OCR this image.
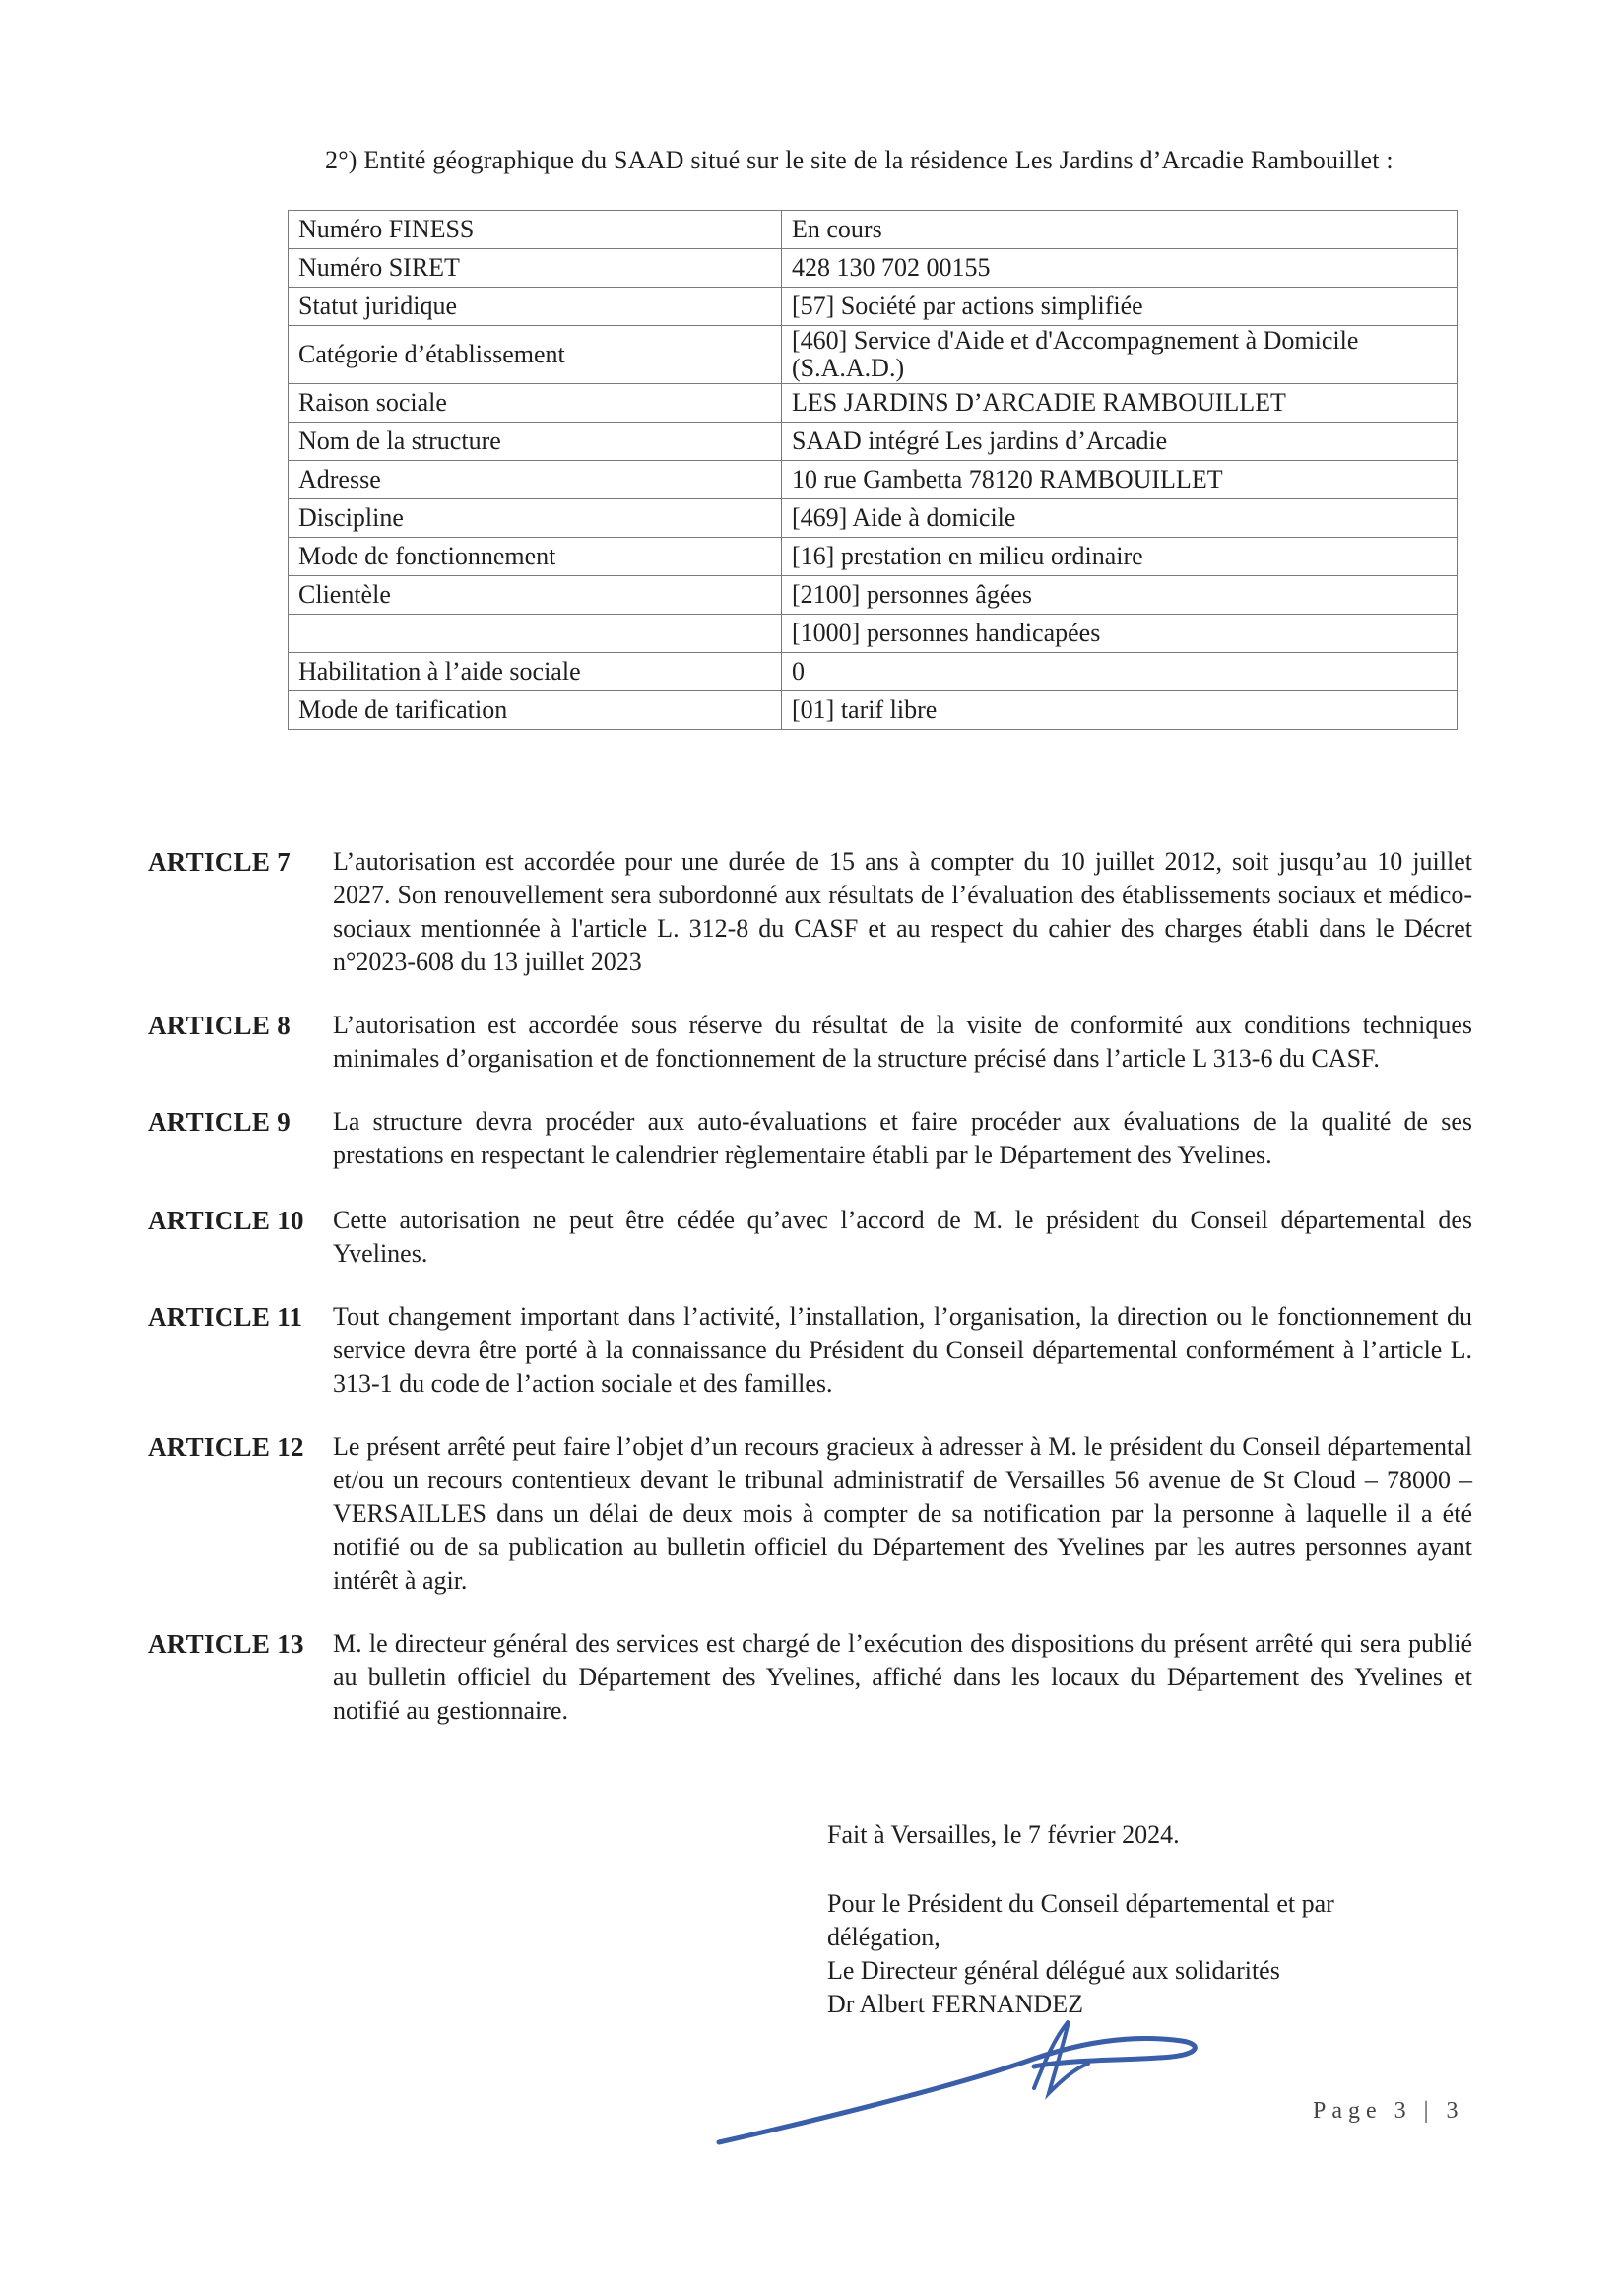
2°) Entité géographique du SAAD situé sur le site de la résidence Les Jardins d’Arcadie Rambouillet :
Numéro FINESS	En cours
Numéro SIRET	428 130 702 00155
Statut juridique	[57] Société par actions simplifiée
Catégorie d’établissement	[460] Service d'Aide et d'Accompagnement à Domicile (S.A.A.D.)
Raison sociale	LES JARDINS D’ARCADIE RAMBOUILLET
Nom de la structure	SAAD intégré Les jardins d’Arcadie
Adresse	10 rue Gambetta 78120 RAMBOUILLET
Discipline	[469] Aide à domicile
Mode de fonctionnement	[16] prestation en milieu ordinaire
Clientèle	[2100] personnes âgées
	[1000] personnes handicapées
Habilitation à l’aide sociale	0
Mode de tarification	[01] tarif libre
ARTICLE 7 L’autorisation est accordée pour une durée de 15 ans à compter du 10 juillet 2012, soit jusqu’au 10 juillet 2027. Son renouvellement sera subordonné aux résultats de l’évaluation des établissements sociaux et médico-sociaux mentionnée à l'article L. 312-8 du CASF et au respect du cahier des charges établi dans le Décret n°2023-608 du 13 juillet 2023
ARTICLE 8 L’autorisation est accordée sous réserve du résultat de la visite de conformité aux conditions techniques minimales d’organisation et de fonctionnement de la structure précisé dans l’article L 313-6 du CASF.
ARTICLE 9 La structure devra procéder aux auto-évaluations et faire procéder aux évaluations de la qualité de ses prestations en respectant le calendrier règlementaire établi par le Département des Yvelines.
ARTICLE 10 Cette autorisation ne peut être cédée qu’avec l’accord de M. le président du Conseil départemental des Yvelines.
ARTICLE 11 Tout changement important dans l’activité, l’installation, l’organisation, la direction ou le fonctionnement du service devra être porté à la connaissance du Président du Conseil départemental conformément à l’article L. 313-1 du code de l’action sociale et des familles.
ARTICLE 12 Le présent arrêté peut faire l’objet d’un recours gracieux à adresser à M. le président du Conseil départemental et/ou un recours contentieux devant le tribunal administratif de Versailles 56 avenue de St Cloud – 78000 – VERSAILLES dans un délai de deux mois à compter de sa notification par la personne à laquelle il a été notifié ou de sa publication au bulletin officiel du Département des Yvelines par les autres personnes ayant intérêt à agir.
ARTICLE 13 M. le directeur général des services est chargé de l’exécution des dispositions du présent arrêté qui sera publié au bulletin officiel du Département des Yvelines, affiché dans les locaux du Département des Yvelines et notifié au gestionnaire.
Fait à Versailles, le 7 février 2024.
Pour le Président du Conseil départemental et par délégation,
Le Directeur général délégué aux solidarités
Dr Albert FERNANDEZ
Page 3 | 3
